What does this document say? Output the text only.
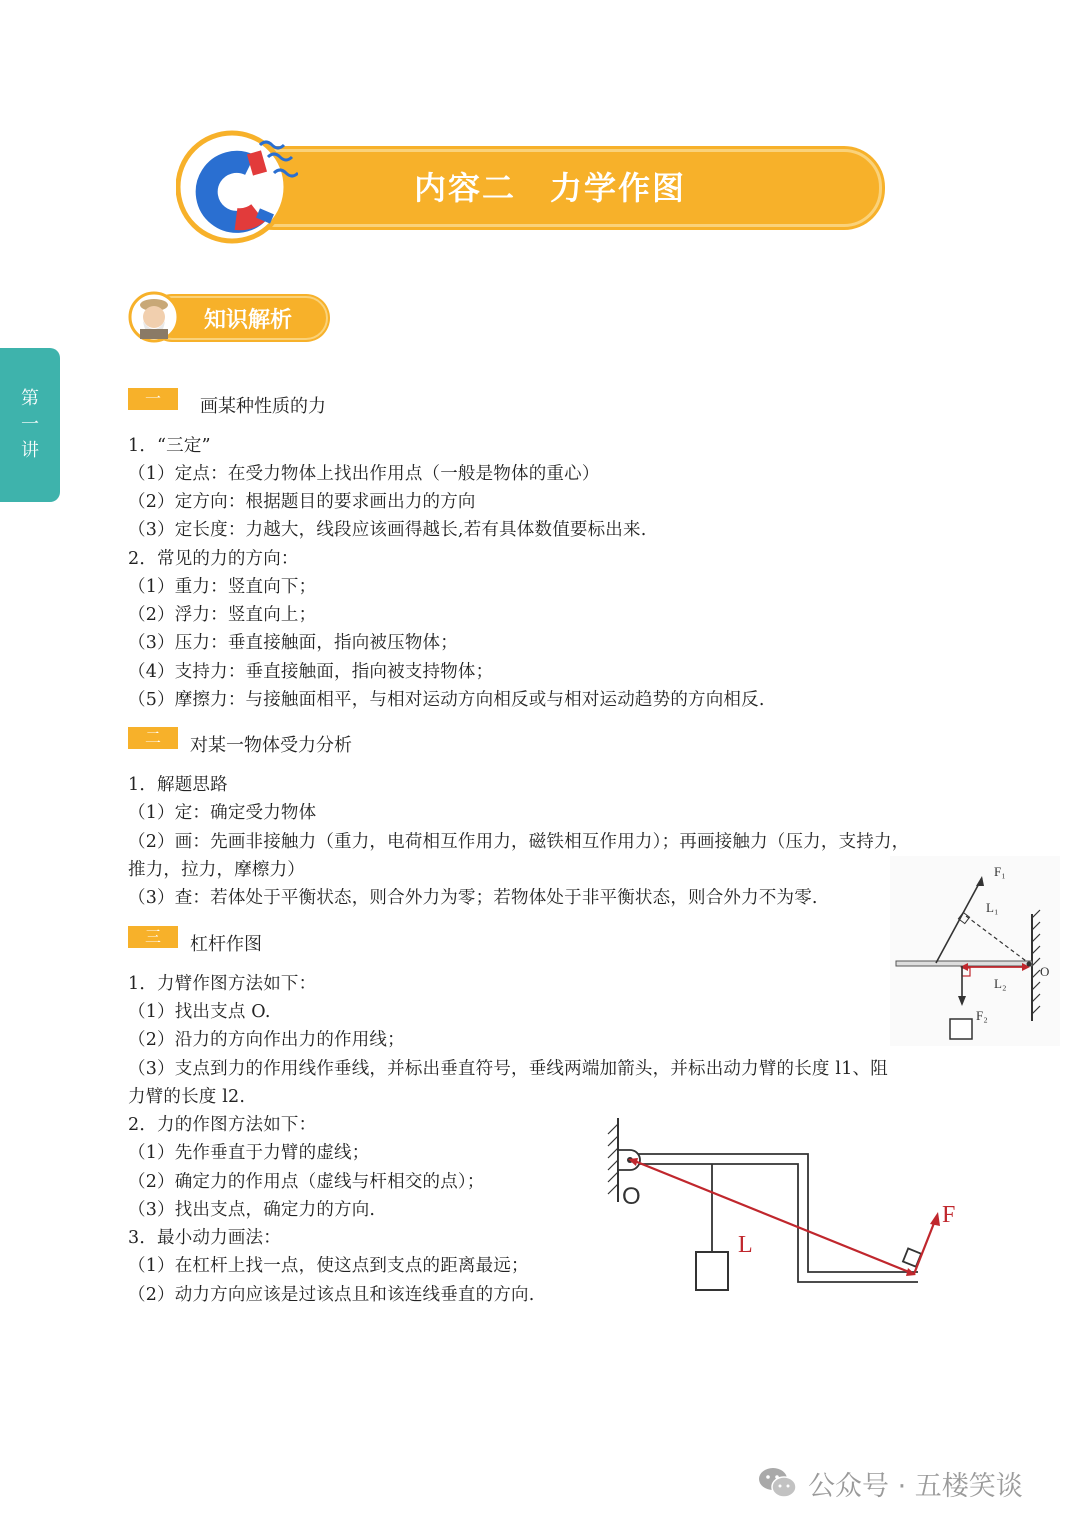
第
一
讲
内容二　力学作图
知识解析
一	画某种性质的力
二	对某一物体受力分析
三	杠杆作图
1．“三定”
（1）定点：在受力物体上找出作用点（一般是物体的重心）
（2）定方向：根据题目的要求画出力的方向
（3）定长度：力越大，线段应该画得越长,若有具体数值要标出来.
2．常见的力的方向：
（1）重力：竖直向下；
（2）浮力：竖直向上；
（3）压力：垂直接触面，指向被压物体；
（4）支持力：垂直接触面，指向被支持物体；
（5）摩擦力：与接触面相平，与相对运动方向相反或与相对运动趋势的方向相反.
1．解题思路
（1）定：确定受力物体
（2）画：先画非接触力（重力，电荷相互作用力，磁铁相互作用力）；再画接触力（压力，支持力，
推力，拉力，摩檫力）
（3）查：若体处于平衡状态，则合外力为零；若物体处于非平衡状态，则合外力不为零.
1．力臂作图方法如下：
（1）找出支点 O.
（2）沿力的方向作出力的作用线；
（3）支点到力的作用线作垂线，并标出垂直符号，垂线两端加箭头，并标出动力臂的长度 l1、阻
力臂的长度 l2.
2．力的作图方法如下：
（1）先作垂直于力臂的虚线；
（2）确定力的作用点（虚线与杆相交的点）；
（3）找出支点，确定力的方向.
3．最小动力画法：
（1）在杠杆上找一点，使这点到支点的距离最远；
（2）动力方向应该是过该点且和该连线垂直的方向.
F₁
L₁
L₂
F₂
O
O
L
F
公众号 · 五楼笑谈
